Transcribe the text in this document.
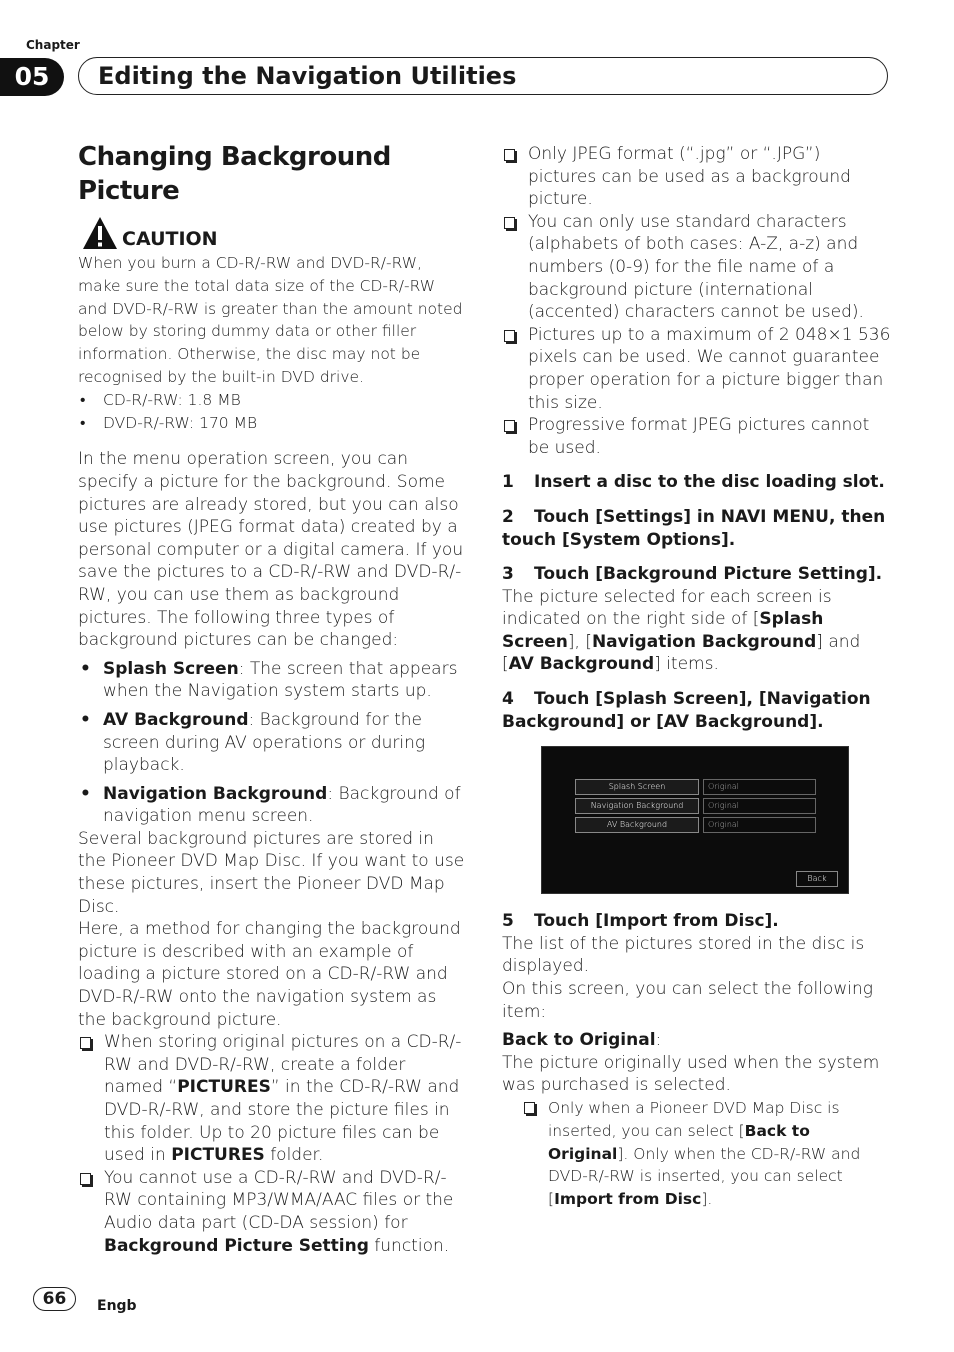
Chapter
05	Editing the Navigation Utilities
Changing Background Picture
CAUTION

When you burn a CD-R/-RW and DVD-R/-RW, make sure the total data size of the CD-R/-RW and DVD-R/-RW is greater than the amount noted below by storing dummy data or other filler information. Otherwise, the disc may not be recognised by the built-in DVD drive.

• CD-R/-RW: 1.8 MB
• DVD-R/-RW: 170 MB

In the menu operation screen, you can specify a picture for the background. Some pictures are already stored, but you can also use pictures (JPEG format data) created by a personal computer or a digital camera. If you save the pictures to a CD-R/-RW and DVD-R/-RW, you can use them as background pictures. The following three types of background pictures can be changed:

• Splash Screen: The screen that appears when the Navigation system starts up.
• AV Background: Background for the screen during AV operations or during playback.
• Navigation Background: Background of navigation menu screen.

Several background pictures are stored in the Pioneer DVD Map Disc. If you want to use these pictures, insert the Pioneer DVD Map Disc.

Here, a method for changing the background picture is described with an example of loading a picture stored on a CD-R/-RW and DVD-R/-RW onto the navigation system as the background picture.

When storing original pictures on a CD-R/-RW and DVD-R/-RW, create a folder named “PICTURES” in the CD-R/-RW and DVD-R/-RW, and store the picture files in this folder. Up to 20 picture files can be used in PICTURES folder.
You cannot use a CD-R/-RW and DVD-R/-RW containing MP3/WMA/AAC files or the Audio data part (CD-DA session) for Background Picture Setting function.
Only JPEG format (“.jpg” or “.JPG”) pictures can be used as a background picture.
You can only use standard characters (alphabets of both cases: A-Z, a-z) and numbers (0-9) for the file name of a background picture (international (accented) characters cannot be used).
Pictures up to a maximum of 2 048×1 536 pixels can be used. We cannot guarantee proper operation for a picture bigger than this size.
Progressive format JPEG pictures cannot be used.

1 Insert a disc to the disc loading slot.

2 Touch [Settings] in NAVI MENU, then touch [System Options].

3 Touch [Background Picture Setting].

The picture selected for each screen is indicated on the right side of [Splash Screen], [Navigation Background] and [AV Background] items.

4 Touch [Splash Screen], [Navigation Background] or [AV Background].

Splash Screen	Original
Navigation Background	Original
AV Background	Original
Back

5 Touch [Import from Disc].

The list of the pictures stored in the disc is displayed.

On this screen, you can select the following item:

Back to Original:

The picture originally used when the system was purchased is selected.

Only when a Pioneer DVD Map Disc is inserted, you can select [Back to Original]. Only when the CD-R/-RW and DVD-R/-RW is inserted, you can select [Import from Disc].
66	Engb
